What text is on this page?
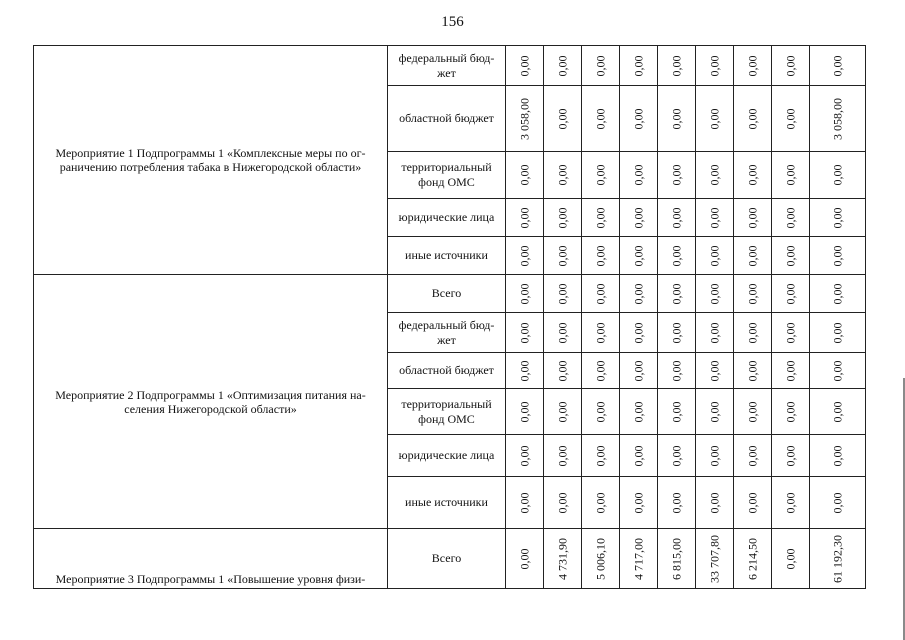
156
Мероприятие 1 Подпрограммы 1 «Комплексные меры по ог-
раничению потребления табака в Нижегородской области»	федеральный бюд-
жет	0,00	0,00	0,00	0,00	0,00	0,00	0,00	0,00	0,00

	областной бюджет	3 058,00	0,00	0,00	0,00	0,00	0,00	0,00	0,00	3 058,00

	территориальный
фонд ОМС	0,00	0,00	0,00	0,00	0,00	0,00	0,00	0,00	0,00

	юридические лица	0,00	0,00	0,00	0,00	0,00	0,00	0,00	0,00	0,00

	иные источники	0,00	0,00	0,00	0,00	0,00	0,00	0,00	0,00	0,00

Мероприятие 2 Подпрограммы 1 «Оптимизация питания на-
селения Нижегородской области»	Всего	0,00	0,00	0,00	0,00	0,00	0,00	0,00	0,00	0,00

	федеральный бюд-
жет	0,00	0,00	0,00	0,00	0,00	0,00	0,00	0,00	0,00

	областной бюджет	0,00	0,00	0,00	0,00	0,00	0,00	0,00	0,00	0,00

	территориальный
фонд ОМС	0,00	0,00	0,00	0,00	0,00	0,00	0,00	0,00	0,00

	юридические лица	0,00	0,00	0,00	0,00	0,00	0,00	0,00	0,00	0,00

	иные источники	0,00	0,00	0,00	0,00	0,00	0,00	0,00	0,00	0,00

Мероприятие 3 Подпрограммы 1 «Повышение уровня физи-	Всего	0,00	4 731,90	5 006,10	4 717,00	6 815,00	33 707,80	6 214,50	0,00	61 192,30
